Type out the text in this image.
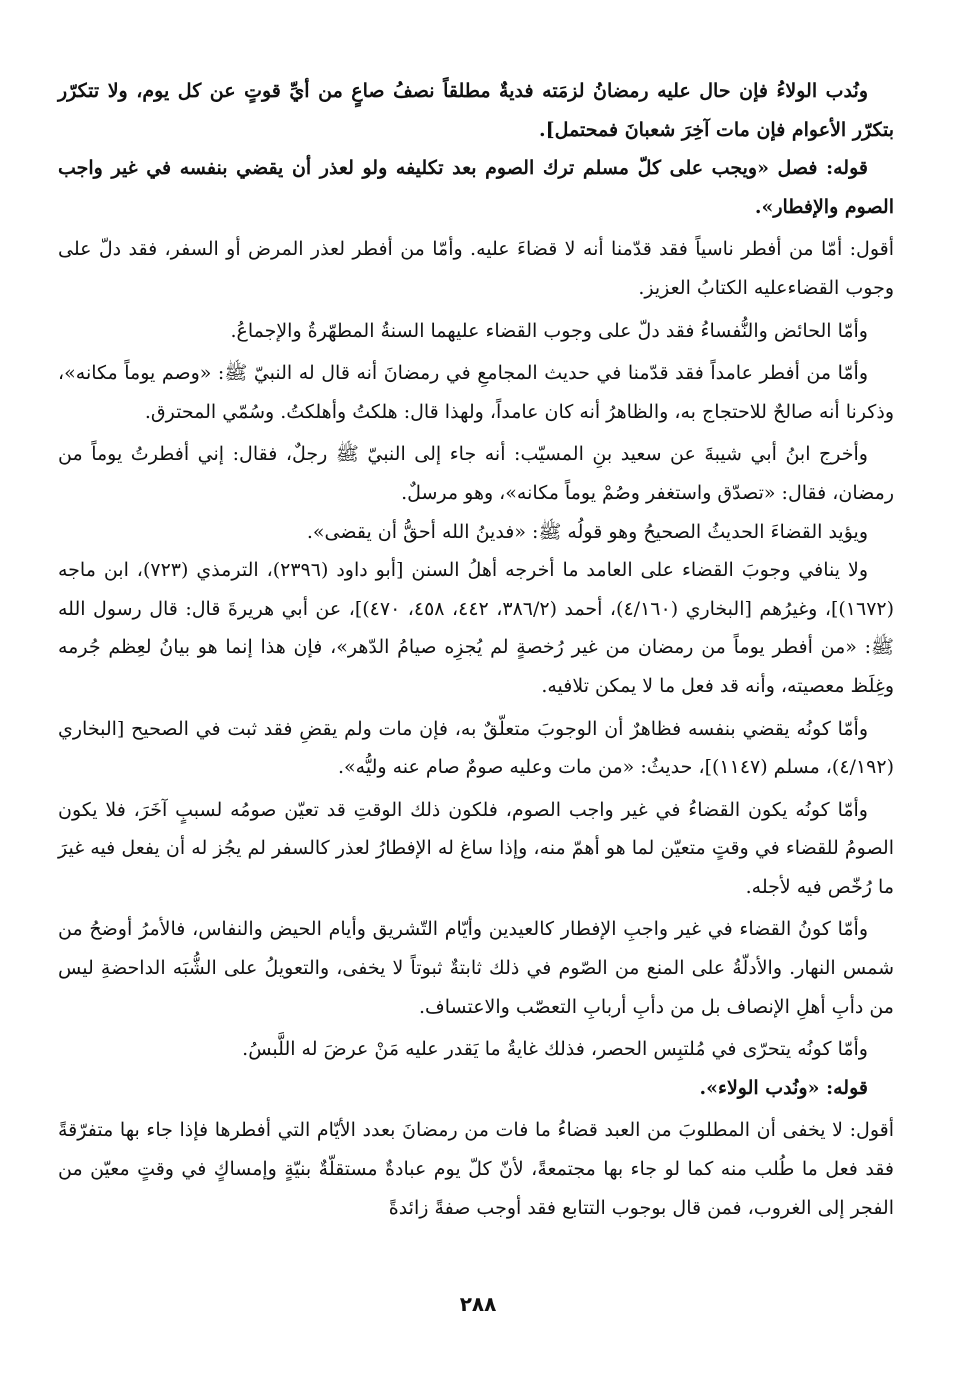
ونُدب الولاءُ فإن حال عليه رمضانُ لزمَته فديةٌ مطلقاً نصفُ صاعٍ من أيِّ قوتٍ عن كل يوم، ولا تتكرّر بتكرّر الأعوام فإن مات آخِرَ شعبانَ فمحتمل].

قوله: فصل «ويجب على كلّ مسلم ترك الصوم بعد تكليفه ولو لعذر أن يقضي بنفسه في غير واجب الصوم والإفطار».

أقول: أمّا من أفطر ناسياً فقد قدّمنا أنه لا قضاءَ عليه. وأمّا من أفطر لعذر المرض أو السفر، فقد دلّ على وجوب القضاءعليه الكتابُ العزيز.

وأمّا الحائض والنُّفساءُ فقد دلّ على وجوب القضاء عليهما السنةُ المطهّرةُ والإجماعُ.

وأمّا من أفطر عامداً فقد قدّمنا في حديث المجامعِ في رمضانَ أنه قال له النبيّ ﷺ: «وصم يوماً مكانه»، وذكرنا أنه صالحٌ للاحتجاج به، والظاهرُ أنه كان عامداً، ولهذا قال: هلكتُ وأهلكتُ. وسُمّي المحترق.

وأخرج ابنُ أبي شيبةَ عن سعيد بنِ المسيّب: أنه جاء إلى النبيّ ﷺ رجلٌ، فقال: إني أفطرتُ يوماً من رمضان، فقال: «تصدّق واستغفر وصُمْ يوماً مكانه»، وهو مرسلٌ.

ويؤيد القضاءَ الحديثُ الصحيحُ وهو قولُه ﷺ: «فدينُ الله أحقُّ أن يقضى».

ولا ينافي وجوبَ القضاء على العامد ما أخرجه أهلُ السنن [أبو داود (٢٣٩٦)، الترمذي (٧٢٣)، ابن ماجه (١٦٧٢)]، وغيرُهم [البخاري (٤/١٦٠)، أحمد (٣٨٦/٢، ٤٤٢، ٤٥٨، ٤٧٠)]، عن أبي هريرةَ قال: قال رسول الله ﷺ: «من أفطر يوماً من رمضان من غير رُخصةٍ لم يُجزِه صيامُ الدّهر»، فإن هذا إنما هو بيانُ لعِظم جُرمه وغِلَظ معصيته، وأنه قد فعل ما لا يمكن تلافيه.

وأمّا كونُه يقضي بنفسه فظاهرٌ أن الوجوبَ متعلّقٌ به، فإن مات ولم يقضِ فقد ثبت في الصحيح [البخاري (٤/١٩٢)، مسلم (١١٤٧)]، حديثُ: «من مات وعليه صومٌ صام عنه وليُّه».

وأمّا كونُه يكون القضاءُ في غير واجب الصوم، فلكون ذلك الوقتِ قد تعيّن صومُه لسببٍ آخَرَ، فلا يكون الصومُ للقضاء في وقتٍ متعيّن لما هو أهمّ منه، وإذا ساغ له الإفطارُ لعذر كالسفر لم يجُز له أن يفعل فيه غيرَ ما رُخّص فيه لأجله.

وأمّا كونُ القضاء في غير واجبِ الإفطار كالعيدين وأيّام التّشريق وأيام الحيض والنفاس، فالأمرُ أوضحُ من شمس النهار. والأدلّةُ على المنع من الصّوم في ذلك ثابتةٌ ثبوتاً لا يخفى، والتعويلُ على الشُّبَه الداحضةِ ليس من دأبِ أهلِ الإنصاف بل من دأبِ أربابِ التعصّب والاعتساف.

وأمّا كونُه يتحرّى في مُلتبِس الحصر، فذلك غايةُ ما يَقدر عليه مَنْ عرضَ له اللَّبسُ.

قوله: «ونُدب الولاء».

أقول: لا يخفى أن المطلوبَ من العبد قضاءُ ما فات من رمضانَ بعدد الأيّام التي أفطرها فإذا جاء بها متفرّقةً فقد فعل ما طُلب منه كما لو جاء بها مجتمعةً، لأنّ كلّ يوم عبادةٌ مستقلّةٌ بنيّةٍ وإمساكٍ في وقتٍ معيّن من الفجر إلى الغروب، فمن قال بوجوب التتابع فقد أوجب صفةً زائدةً

٢٨٨
